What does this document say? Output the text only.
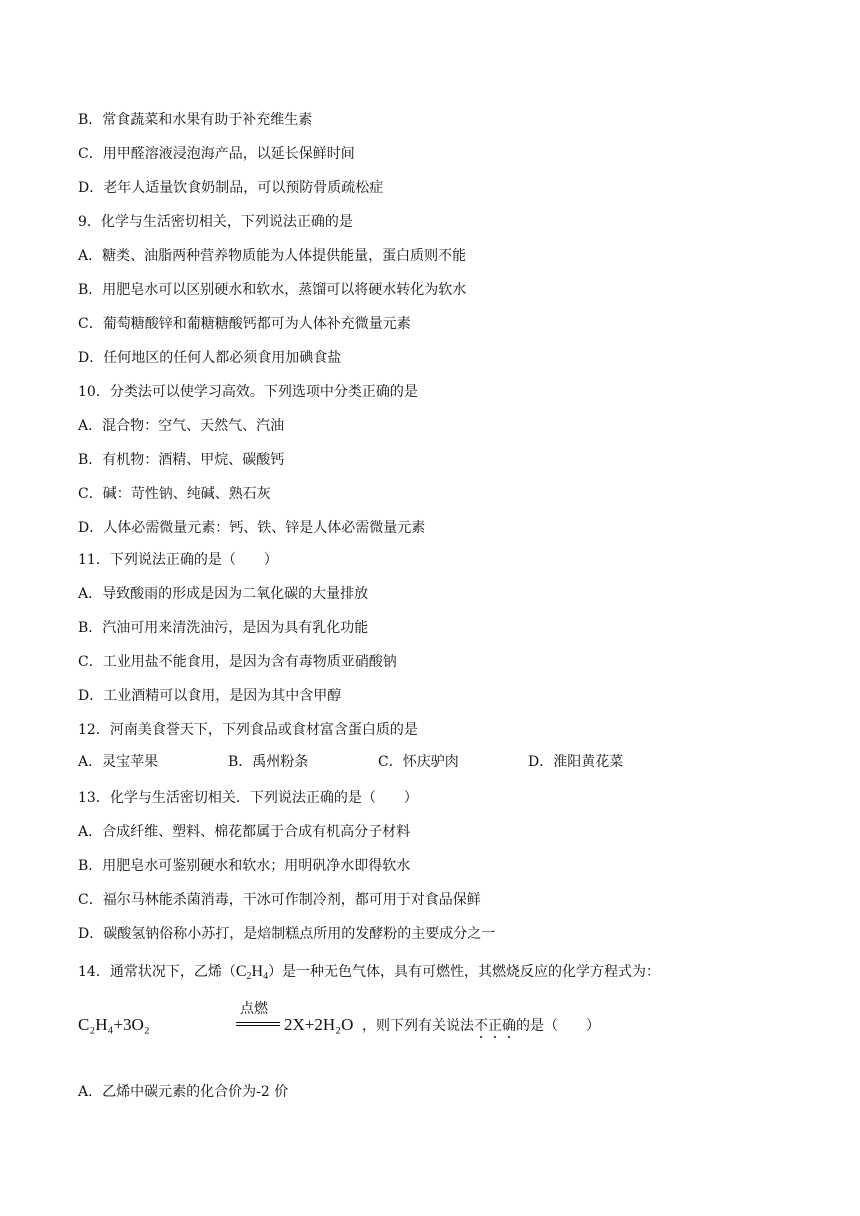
B．常食蔬菜和水果有助于补充维生素
C．用甲醛溶液浸泡海产品，以延长保鲜时间
D．老年人适量饮食奶制品，可以预防骨质疏松症
9．化学与生活密切相关，下列说法正确的是
A．糖类、油脂两种营养物质能为人体提供能量，蛋白质则不能
B．用肥皂水可以区别硬水和软水，蒸馏可以将硬水转化为软水
C．葡萄糖酸锌和葡糖糖酸钙都可为人体补充微量元素
D．任何地区的任何人都必须食用加碘食盐
10．分类法可以使学习高效。下列选项中分类正确的是
A．混合物：空气、天然气、汽油
B．有机物：酒精、甲烷、碳酸钙
C．碱：苛性钠、纯碱、熟石灰
D．人体必需微量元素：钙、铁、锌是人体必需微量元素
11．下列说法正确的是（　　）
A．导致酸雨的形成是因为二氧化碳的大量排放
B．汽油可用来清洗油污，是因为具有乳化功能
C．工业用盐不能食用，是因为含有毒物质亚硝酸钠
D．工业酒精可以食用，是因为其中含甲醇
12．河南美食誉天下，下列食品或食材富含蛋白质的是
A．灵宝苹果	B．禹州粉条	C．怀庆驴肉	D．淮阳黄花菜
13．化学与生活密切相关．下列说法正确的是（　　）
A．合成纤维、塑料、棉花都属于合成有机高分子材料
B．用肥皂水可鉴别硬水和软水；用明矾净水即得软水
C．福尔马林能杀菌消毒，干冰可作制冷剂，都可用于对食品保鲜
D．碳酸氢钠俗称小苏打，是焙制糕点所用的发酵粉的主要成分之一
14．通常状况下，乙烯$(C_2H_4)$是一种无色气体，具有可燃性，其燃烧反应的化学方程式为：
C₂H₄+3O₂
点燃
2X+2H₂O ，则下列有关说法不正确的是（　　）
A．乙烯中碳元素的化合价为-2 价
